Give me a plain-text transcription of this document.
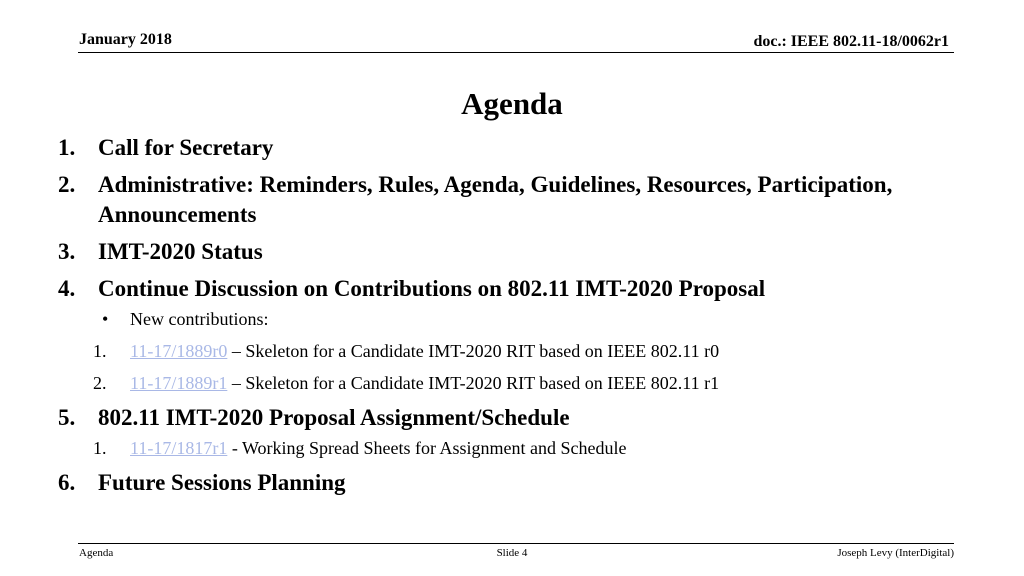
January 2018	doc.: IEEE 802.11-18/0062r1
Agenda
1. Call for Secretary
2. Administrative: Reminders, Rules, Agenda, Guidelines, Resources, Participation, Announcements
3. IMT-2020 Status
4. Continue Discussion on Contributions on 802.11 IMT-2020 Proposal
• New contributions:
1. 11-17/1889r0 – Skeleton for a Candidate IMT-2020 RIT based on IEEE 802.11 r0
2. 11-17/1889r1 – Skeleton for a Candidate IMT-2020 RIT based on IEEE 802.11 r1
5. 802.11 IMT-2020 Proposal Assignment/Schedule
1. 11-17/1817r1 - Working Spread Sheets for Assignment and Schedule
6. Future Sessions Planning
Agenda	Slide 4	Joseph Levy (InterDigital)
